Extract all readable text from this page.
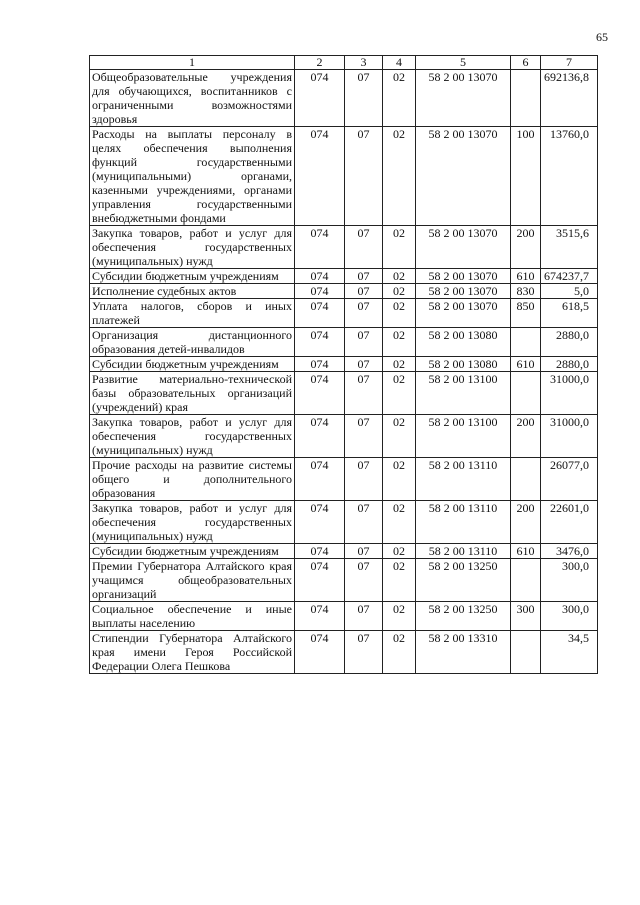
65
1	2	3	4	5	6	7
Общеобразовательные учреждения для обучающихся, воспитанников с ограниченными возможностями здоровья	074	07	02	58 2 00 13070		692136,8
Расходы на выплаты персоналу в целях обеспечения выполнения функций государственными (муниципальными) органами, казенными учреждениями, органами управления государственными внебюджетными фондами	074	07	02	58 2 00 13070	100	13760,0
Закупка товаров, работ и услуг для обеспечения государственных (муниципальных) нужд	074	07	02	58 2 00 13070	200	3515,6
Субсидии бюджетным учреждениям	074	07	02	58 2 00 13070	610	674237,7
Исполнение судебных актов	074	07	02	58 2 00 13070	830	5,0
Уплата налогов, сборов и иных платежей	074	07	02	58 2 00 13070	850	618,5
Организация дистанционного образования детей-инвалидов	074	07	02	58 2 00 13080		2880,0
Субсидии бюджетным учреждениям	074	07	02	58 2 00 13080	610	2880,0
Развитие материально-технической базы образовательных организаций (учреждений) края	074	07	02	58 2 00 13100		31000,0
Закупка товаров, работ и услуг для обеспечения государственных (муниципальных) нужд	074	07	02	58 2 00 13100	200	31000,0
Прочие расходы на развитие системы общего и дополнительного образования	074	07	02	58 2 00 13110		26077,0
Закупка товаров, работ и услуг для обеспечения государственных (муниципальных) нужд	074	07	02	58 2 00 13110	200	22601,0
Субсидии бюджетным учреждениям	074	07	02	58 2 00 13110	610	3476,0
Премии Губернатора Алтайского края учащимся общеобразовательных организаций	074	07	02	58 2 00 13250		300,0
Социальное обеспечение и иные выплаты населению	074	07	02	58 2 00 13250	300	300,0
Стипендии Губернатора Алтайского края имени Героя Российской Федерации Олега Пешкова	074	07	02	58 2 00 13310		34,5
